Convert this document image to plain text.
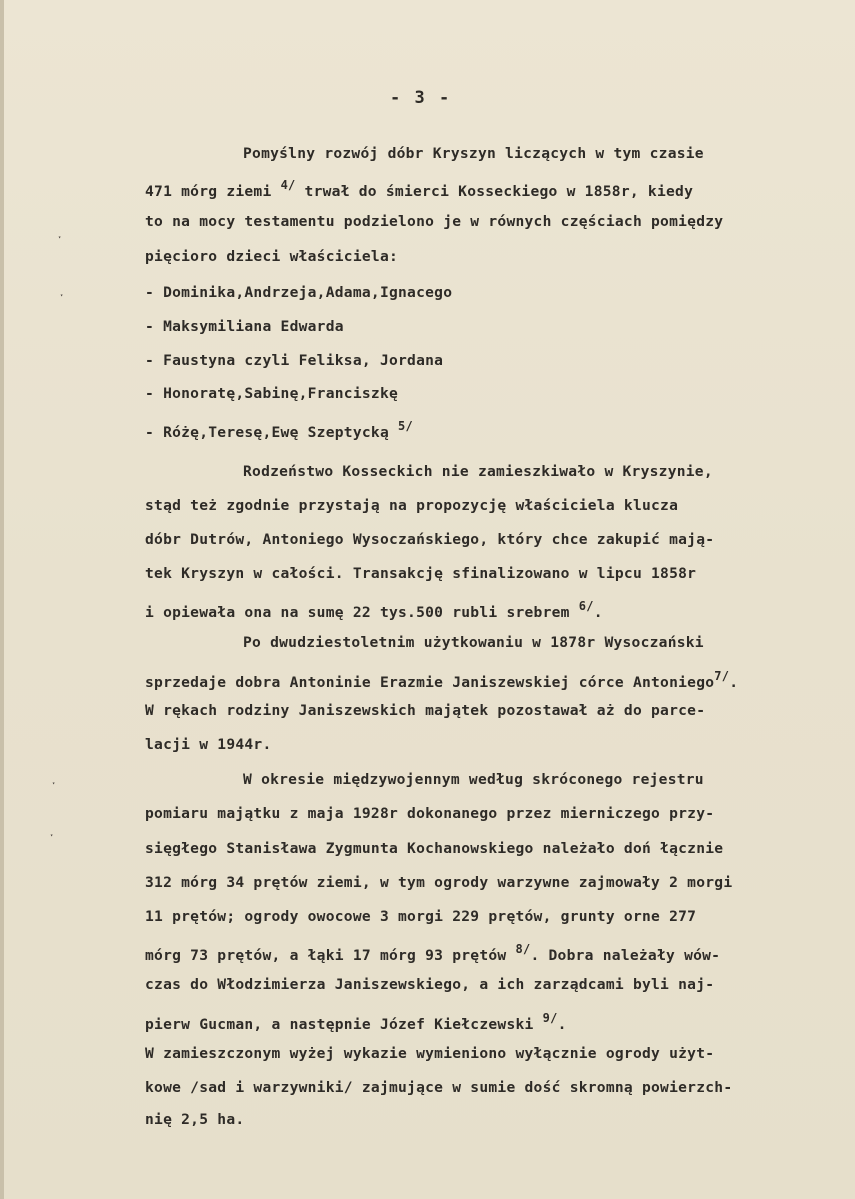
- 3 -
Pomyślny rozwój dóbr Kryszyn liczących w tym czasie
471 mórg ziemi $^{4/}$ trwał do śmierci Kosseckiego w 1858r, kiedy
to na mocy testamentu podzielono je w równych częściach pomiędzy
pięcioro dzieci właściciela:
- Dominika,Andrzeja,Adama,Ignacego
- Maksymiliana Edwarda
- Faustyna czyli Feliksa, Jordana
- Honoratę,Sabinę,Franciszkę
- Różę,Teresę,Ewę Szeptycką $^{5/}$
Rodzeństwo Kosseckich nie zamieszkiwało w Kryszynie,
stąd też zgodnie przystają na propozycję właściciela klucza
dóbr Dutrów, Antoniego Wysoczańskiego, który chce zakupić mają-
tek Kryszyn w całości. Transakcję sfinalizowano w lipcu 1858r
i opiewała ona na sumę 22 tys.500 rubli srebrem $^{6/}$.
Po dwudziestoletnim użytkowaniu w 1878r Wysoczański
sprzedaje dobra Antoninie Erazmie Janiszewskiej córce Antoniego$^{7/}$.
W rękach rodziny Janiszewskich majątek pozostawał aż do parce-
lacji w 1944r.
W okresie międzywojennym według skróconego rejestru
pomiaru majątku z maja 1928r dokonanego przez mierniczego przy-
sięgłego Stanisława Zygmunta Kochanowskiego należało doń łącznie
312 mórg 34 prętów ziemi, w tym ogrody warzywne zajmowały 2 morgi
11 prętów; ogrody owocowe 3 morgi 229 prętów, grunty orne 277
mórg 73 prętów, a łąki 17 mórg 93 prętów $^{8/}$. Dobra należały wów-
czas do Włodzimierza Janiszewskiego, a ich zarządcami byli naj-
pierw Gucman, a następnie Józef Kiełczewski $^{9/}$.
W zamieszczonym wyżej wykazie wymieniono wyłącznie ogrody użyt-
kowe /sad i warzywniki/ zajmujące w sumie dość skromną powierzch-
nię 2,5 ha.
ˑ
ˑ
ˑ
ˑ
